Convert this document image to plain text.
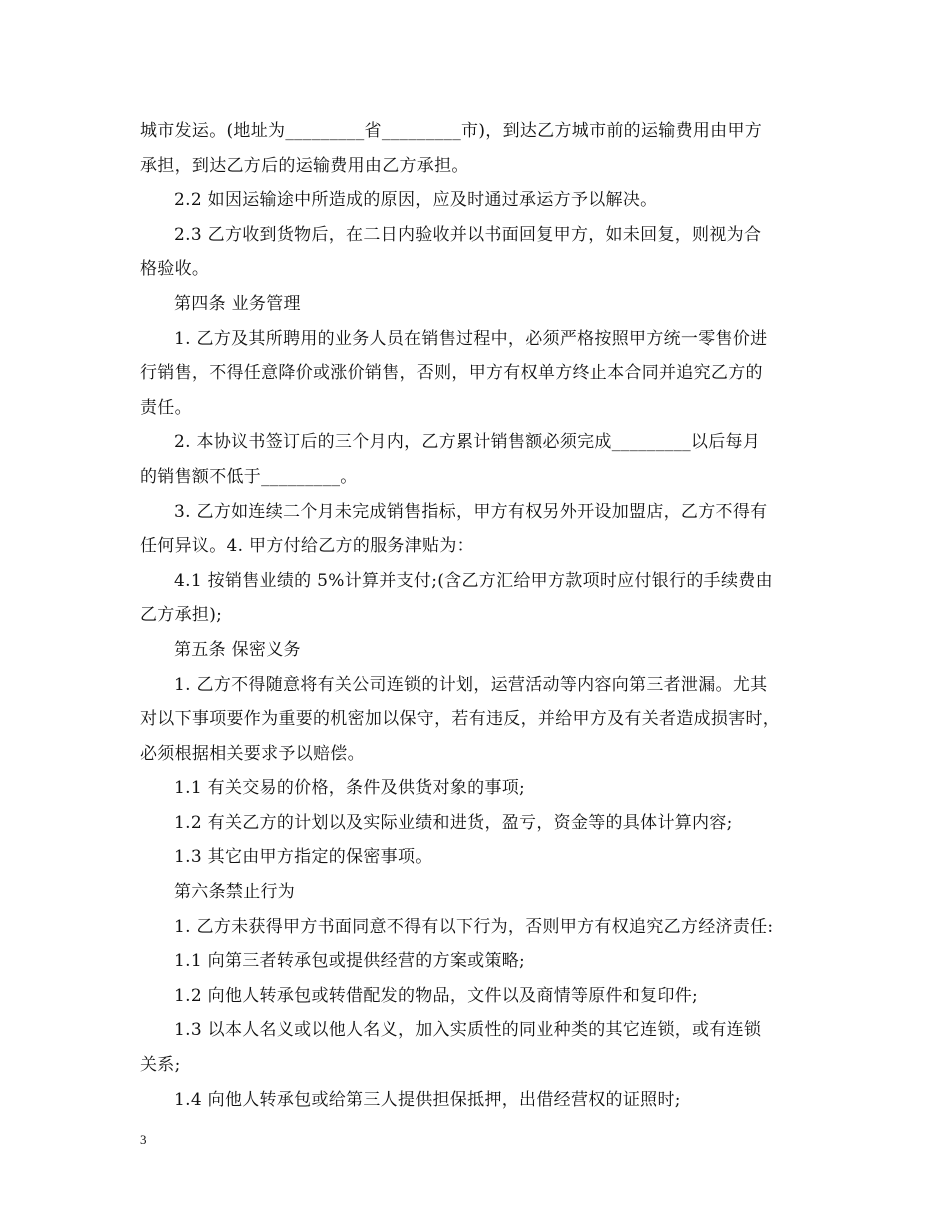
城市发运。(地址为_________省_________市)，到达乙方城市前的运输费用由甲方
承担，到达乙方后的运输费用由乙方承担。
2.2 如因运输途中所造成的原因，应及时通过承运方予以解决。
2.3 乙方收到货物后，在二日内验收并以书面回复甲方，如未回复，则视为合
格验收。
第四条 业务管理
1. 乙方及其所聘用的业务人员在销售过程中，必须严格按照甲方统一零售价进
行销售，不得任意降价或涨价销售，否则，甲方有权单方终止本合同并追究乙方的
责任。
2. 本协议书签订后的三个月内，乙方累计销售额必须完成_________以后每月
的销售额不低于_________。
3. 乙方如连续二个月未完成销售指标，甲方有权另外开设加盟店，乙方不得有
任何异议。4. 甲方付给乙方的服务津贴为：
4.1 按销售业绩的 5%计算并支付;(含乙方汇给甲方款项时应付银行的手续费由
乙方承担);
第五条 保密义务
1. 乙方不得随意将有关公司连锁的计划，运营活动等内容向第三者泄漏。尤其
对以下事项要作为重要的机密加以保守，若有违反，并给甲方及有关者造成损害时，
必须根据相关要求予以赔偿。
1.1 有关交易的价格，条件及供货对象的事项;
1.2 有关乙方的计划以及实际业绩和进货，盈亏，资金等的具体计算内容;
1.3 其它由甲方指定的保密事项。
第六条禁止行为
1. 乙方未获得甲方书面同意不得有以下行为，否则甲方有权追究乙方经济责任:
1.1 向第三者转承包或提供经营的方案或策略;
1.2 向他人转承包或转借配发的物品，文件以及商情等原件和复印件;
1.3 以本人名义或以他人名义，加入实质性的同业种类的其它连锁，或有连锁
关系;
1.4 向他人转承包或给第三人提供担保抵押，出借经营权的证照时;
3
